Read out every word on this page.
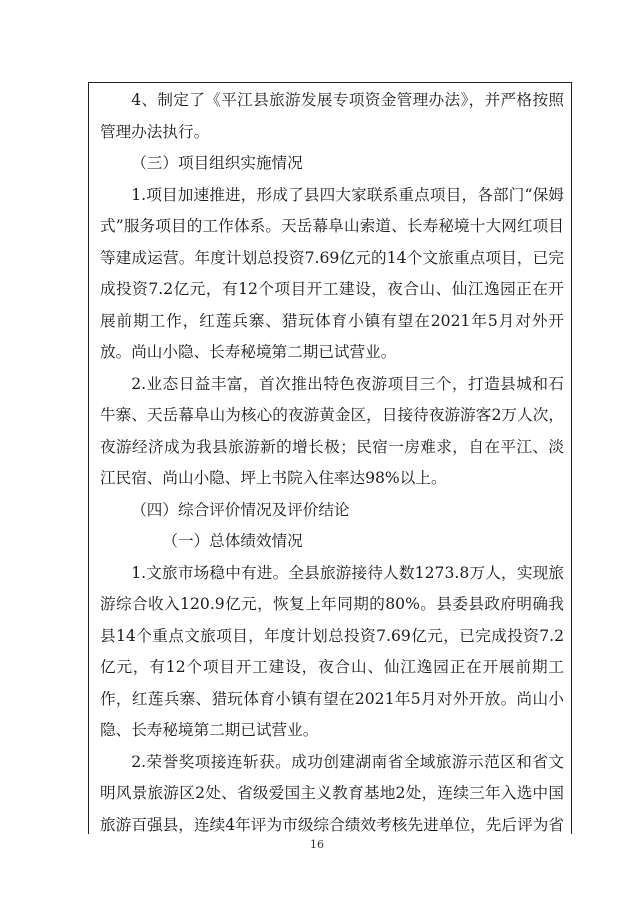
4、制定了《平江县旅游发展专项资金管理办法》，并严格按照管理办法执行。

（三）项目组织实施情况

1.项目加速推进，形成了县四大家联系重点项目，各部门“保姆式”服务项目的工作体系。天岳幕阜山索道、长寿秘境十大网红项目等建成运营。年度计划总投资7.69亿元的14个文旅重点项目，已完成投资7.2亿元，有12个项目开工建设，夜合山、仙江逸园正在开展前期工作，红莲兵寨、猎玩体育小镇有望在2021年5月对外开放。尚山小隐、长寿秘境第二期已试营业。

2.业态日益丰富，首次推出特色夜游项目三个，打造县城和石牛寨、天岳幕阜山为核心的夜游黄金区，日接待夜游游客2万人次，夜游经济成为我县旅游新的增长极；民宿一房难求，自在平江、淡江民宿、尚山小隐、坪上书院入住率达98%以上。

（四）综合评价情况及评价结论

（一）总体绩效情况

1.文旅市场稳中有进。全县旅游接待人数1273.8万人，实现旅游综合收入120.9亿元，恢复上年同期的80%。县委县政府明确我县14个重点文旅项目，年度计划总投资7.69亿元，已完成投资7.2亿元，有12个项目开工建设，夜合山、仙江逸园正在开展前期工作，红莲兵寨、猎玩体育小镇有望在2021年5月对外开放。尚山小隐、长寿秘境第二期已试营业。

2.荣誉奖项接连斩获。成功创建湖南省全域旅游示范区和省文明风景旅游区2处、省级爱国主义教育基地2处，连续三年入选中国旅游百强县，连续4年评为市级综合绩效考核先进单位，先后评为省

16
